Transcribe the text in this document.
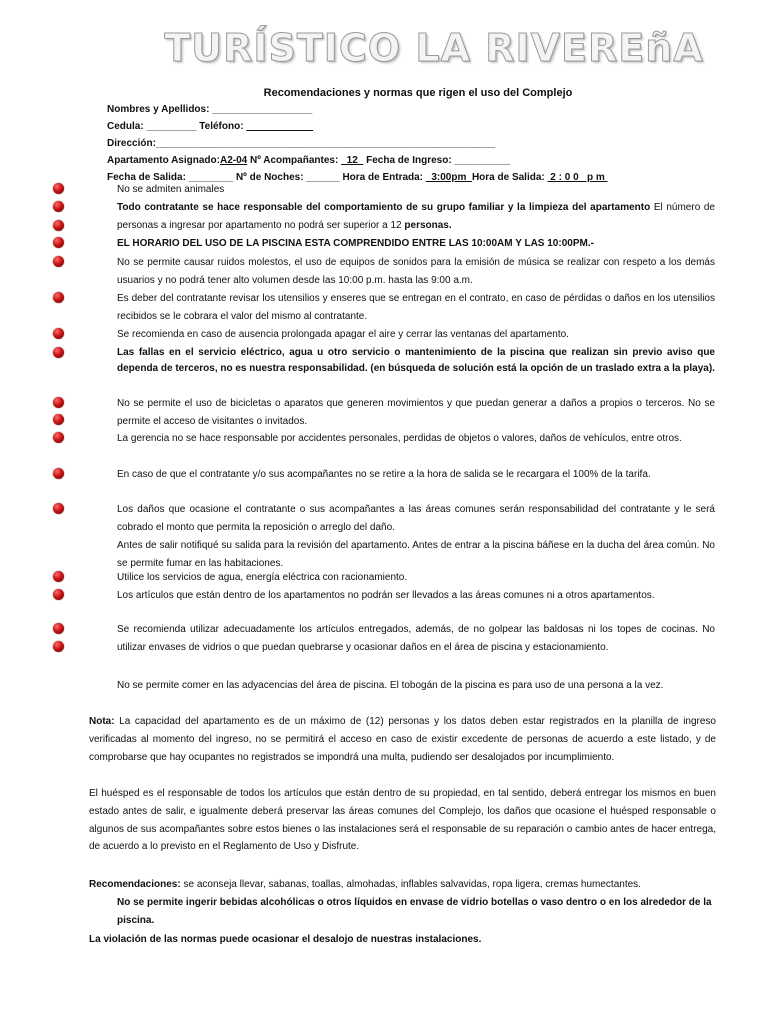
TURÍSTICO LA RIVEREñA
Recomendaciones y normas que rigen el uso del Complejo
Nombres y Apellidos: __________________
Cedula: _________ Teléfono: ____________
Dirección:_____________________________________________________________
Apartamento Asignado:A2-04 Nº Acompañantes:   12   Fecha de Ingreso: __________
Fecha de Salida: ________ Nº de Noches: ______ Hora de Entrada:   3:00pm  Hora de Salida:  2 : 0 0   p m
No se admiten animales
Todo contratante se hace responsable del comportamiento de su grupo familiar y la limpieza del apartamento El número de personas a ingresar por apartamento no podrá ser superior a 12 personas.
EL HORARIO DEL USO DE LA PISCINA ESTA COMPRENDIDO ENTRE LAS 10:00AM Y LAS 10:00PM.-
No se permite causar ruidos molestos, el uso de equipos de sonidos para la emisión de música se realizar con respeto a los demás usuarios y no podrá tener alto volumen desde las 10:00 p.m. hasta las 9:00 a.m.
Es deber del contratante revisar los utensilios y enseres que se entregan en el contrato, en caso de pérdidas o daños en los utensilios recibidos se le cobrara el valor del mismo al contratante.
Se recomienda en caso de ausencia prolongada apagar el aire y cerrar las ventanas del apartamento.
Las fallas en el servicio eléctrico, agua u otro servicio o mantenimiento de la piscina que realizan sin previo aviso que dependa de terceros, no es nuestra responsabilidad. (en búsqueda de solución está la opción de un traslado extra a la playa).
No se permite el uso de bicicletas o aparatos que generen movimientos y que puedan generar a daños a propios o terceros. No se permite el acceso de visitantes o invitados.
La gerencia no se hace responsable por accidentes personales, perdidas de objetos o valores, daños de vehículos, entre otros.
En caso de que el contratante y/o sus acompañantes no se retire a la hora de salida se le recargara el 100% de la tarifa.
Los daños que ocasione el contratante o sus acompañantes a las áreas comunes serán responsabilidad del contratante y le será cobrado el monto que permita la reposición o arreglo del daño.
Antes de salir notifiqué su salida para la revisión del apartamento. Antes de entrar a la piscina báñese en la ducha del área común. No se permite fumar en las habitaciones.
Utilice los servicios de agua, energía eléctrica con racionamiento.
Los artículos que están dentro de los apartamentos no podrán ser llevados a las áreas comunes ni a otros apartamentos.
Se recomienda utilizar adecuadamente los artículos entregados, además, de no golpear las baldosas ni los topes de cocinas. No utilizar envases de vidrios o que puedan quebrarse y ocasionar daños en el área de piscina y estacionamiento.
No se permite comer en las adyacencias del área de piscina. El tobogán de la piscina es para uso de una persona a la vez.
Nota: La capacidad del apartamento es de un máximo de (12) personas y los datos deben estar registrados en la planilla de ingreso verificadas al momento del ingreso, no se permitirá el acceso en caso de existir excedente de personas de acuerdo a este listado, y de comprobarse que hay ocupantes no registrados se impondrá una multa, pudiendo ser desalojados por incumplimiento.
El huésped es el responsable de todos los artículos que están dentro de su propiedad, en tal sentido, deberá entregar los mismos en buen estado antes de salir, e igualmente deberá preservar las áreas comunes del Complejo, los daños que ocasione el huésped responsable o algunos de sus acompañantes sobre estos bienes o las instalaciones será el responsable de su reparación o cambio antes de hacer entrega, de acuerdo a lo previsto en el Reglamento de Uso y Disfrute.
Recomendaciones: se aconseja llevar, sabanas, toallas, almohadas, inflables salvavidas, ropa ligera, cremas humectantes.
No se permite ingerir bebidas alcohólicas o otros líquidos en envase de vidrio botellas o vaso dentro o en los alrededor de la piscina.
La violación de las normas puede ocasionar el desalojo de nuestras instalaciones.
